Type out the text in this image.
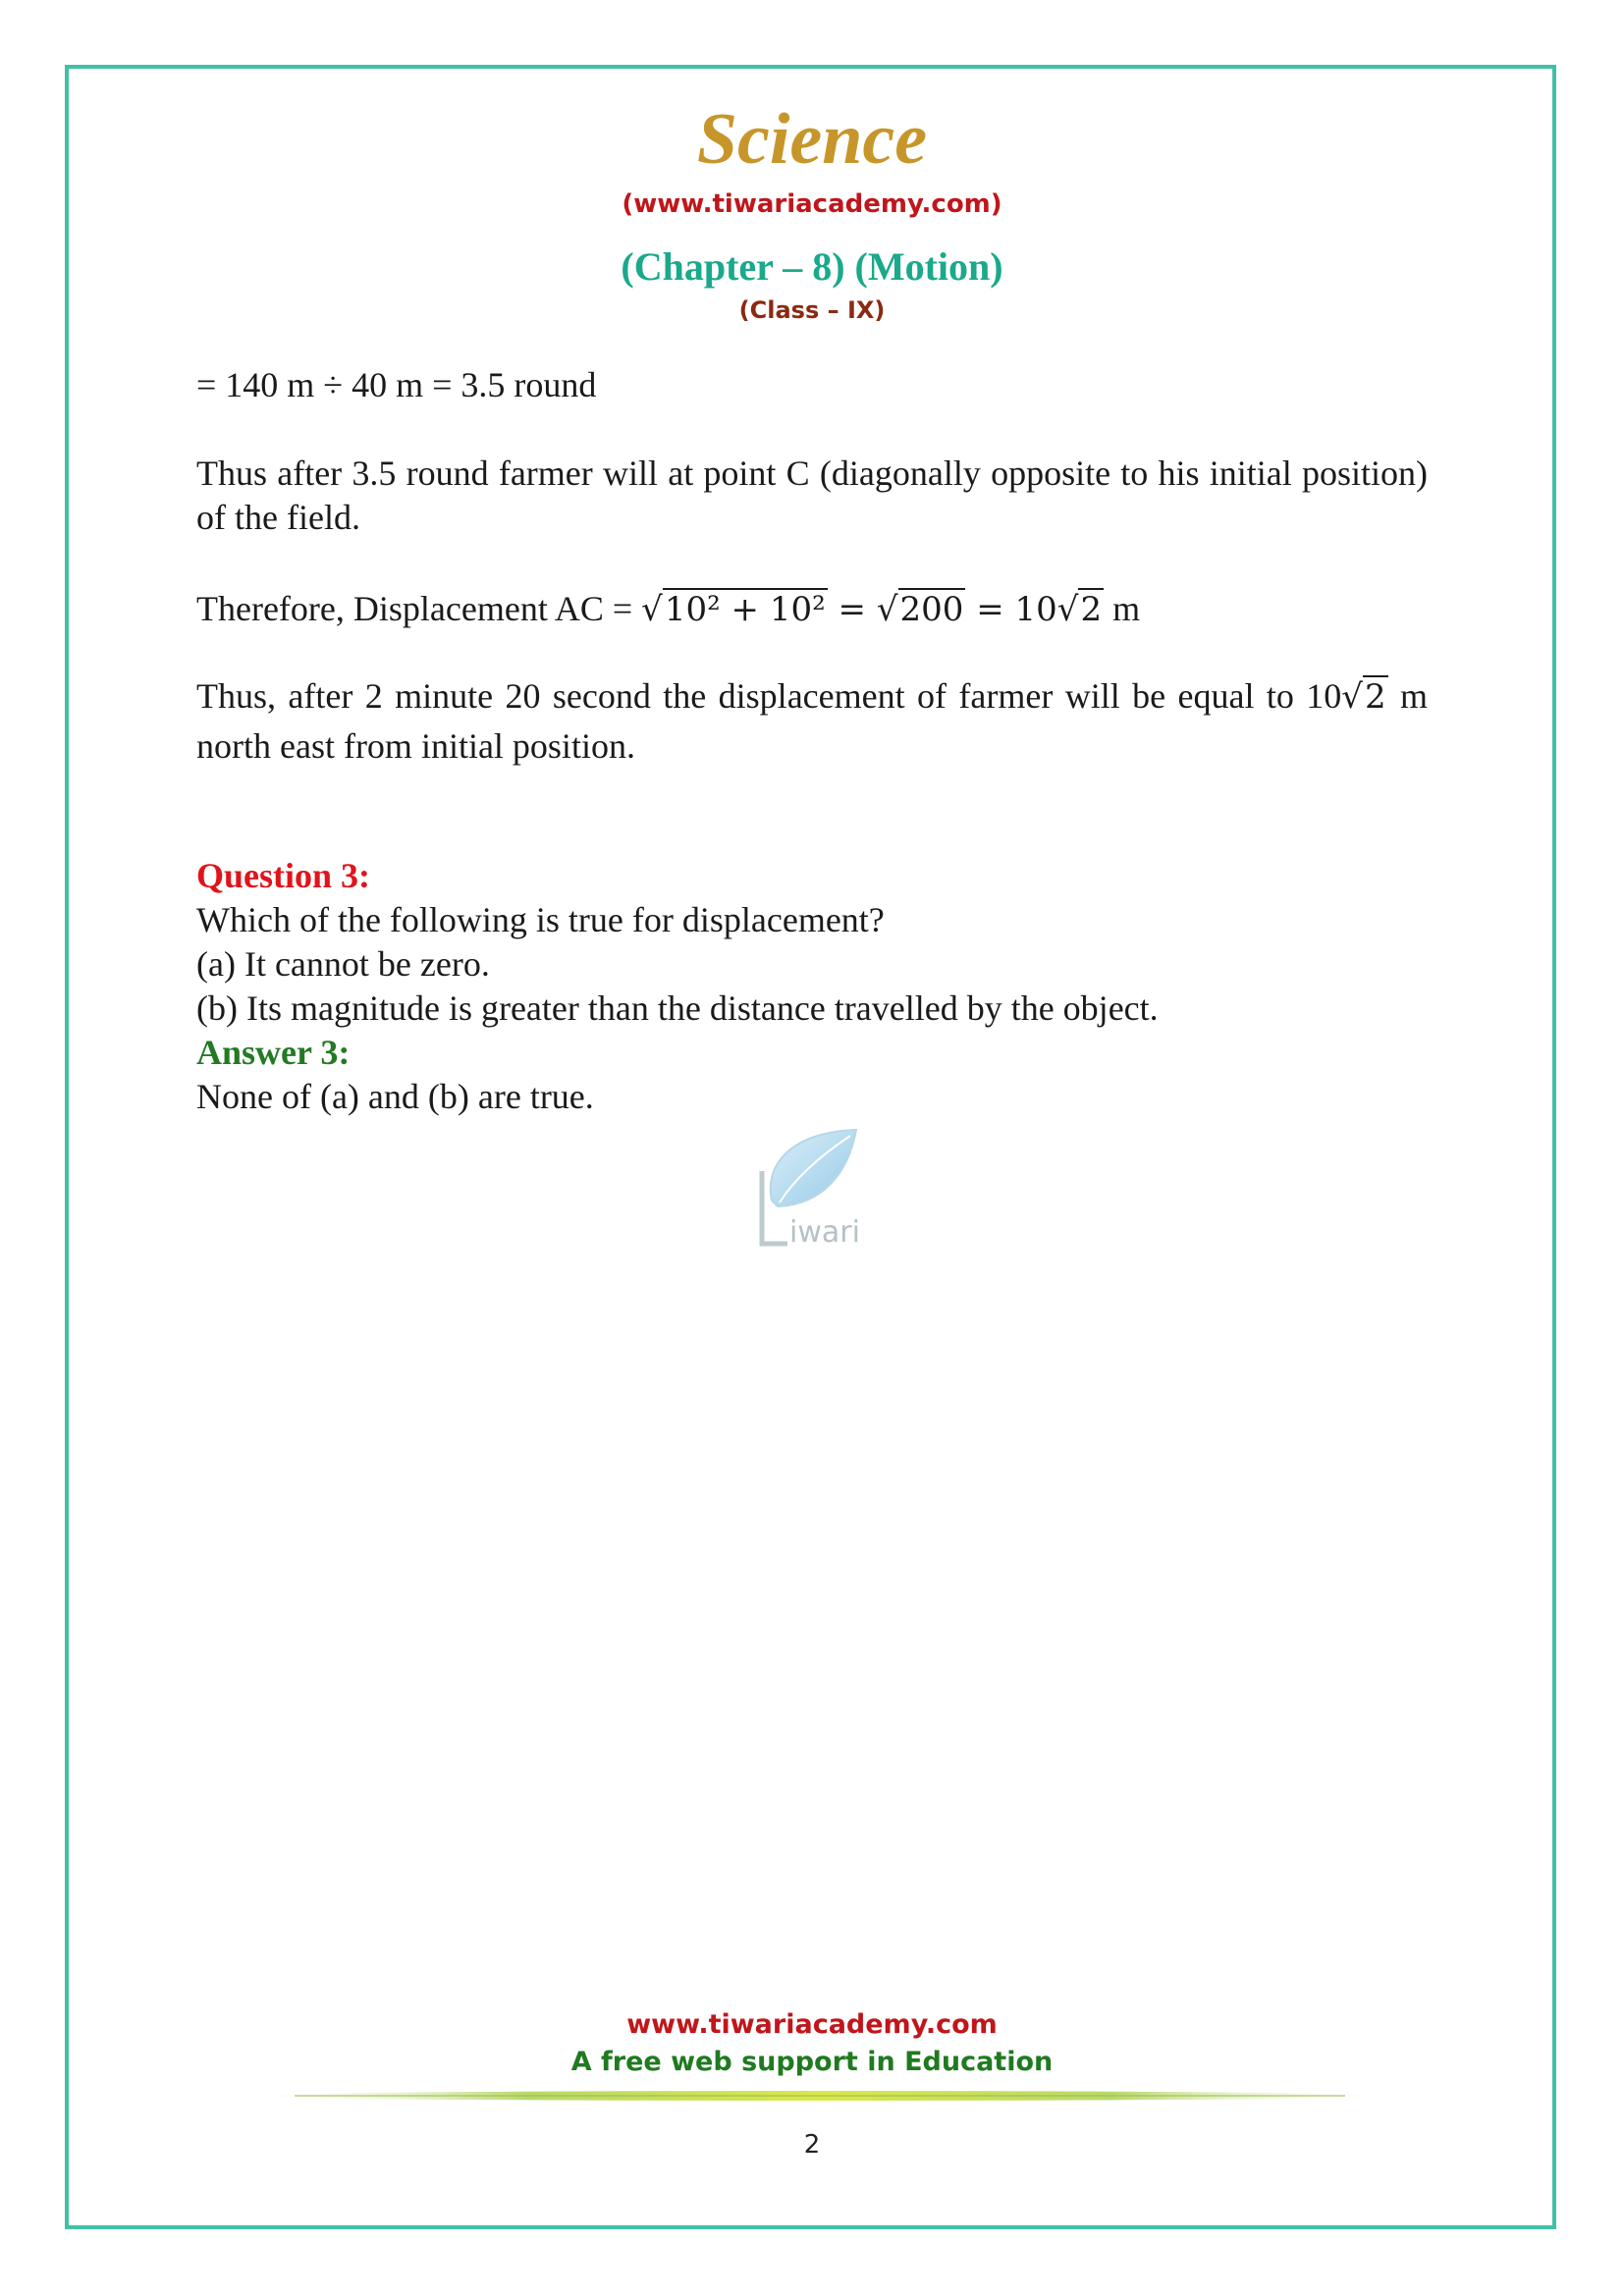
Science
(www.tiwariacademy.com)
(Chapter – 8) (Motion)
(Class – IX)

= 140 m ÷ 40 m = 3.5 round

Thus after 3.5 round farmer will at point C (diagonally opposite to his initial position) of the field.

Therefore, Displacement AC = √10² + 10² = √200 = 10√2 m

Thus, after 2 minute 20 second the displacement of farmer will be equal to 10√2 m north east from initial position.

Question 3:

Which of the following is true for displacement?

(a) It cannot be zero.

(b) Its magnitude is greater than the distance travelled by the object.

Answer 3:

None of (a) and (b) are true.

iwari
www.tiwariacademy.com
A free web support in Education
2
